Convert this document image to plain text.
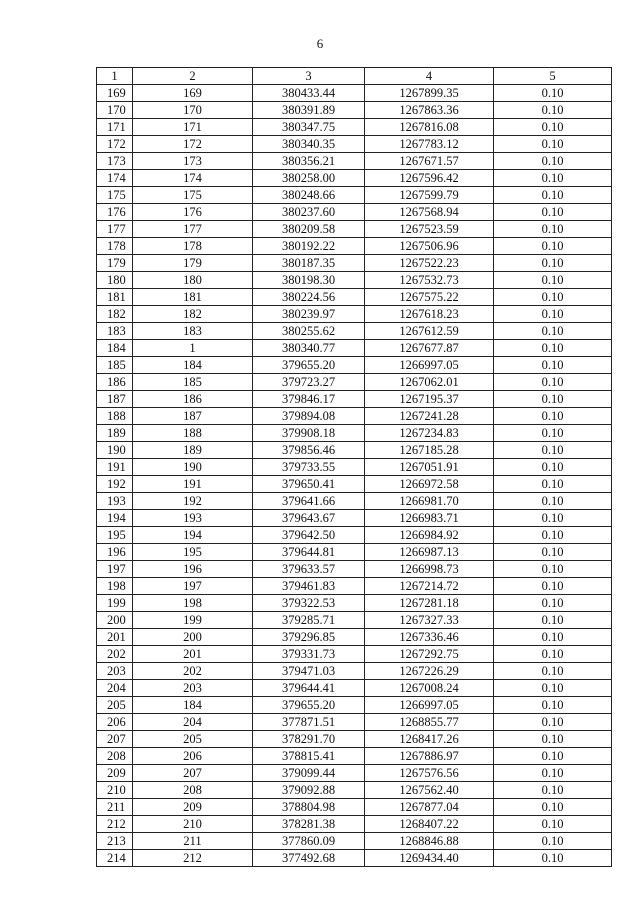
6
1	2	3	4	5
169	169	380433.44	1267899.35	0.10
170	170	380391.89	1267863.36	0.10
171	171	380347.75	1267816.08	0.10
172	172	380340.35	1267783.12	0.10
173	173	380356.21	1267671.57	0.10
174	174	380258.00	1267596.42	0.10
175	175	380248.66	1267599.79	0.10
176	176	380237.60	1267568.94	0.10
177	177	380209.58	1267523.59	0.10
178	178	380192.22	1267506.96	0.10
179	179	380187.35	1267522.23	0.10
180	180	380198.30	1267532.73	0.10
181	181	380224.56	1267575.22	0.10
182	182	380239.97	1267618.23	0.10
183	183	380255.62	1267612.59	0.10
184	1	380340.77	1267677.87	0.10
185	184	379655.20	1266997.05	0.10
186	185	379723.27	1267062.01	0.10
187	186	379846.17	1267195.37	0.10
188	187	379894.08	1267241.28	0.10
189	188	379908.18	1267234.83	0.10
190	189	379856.46	1267185.28	0.10
191	190	379733.55	1267051.91	0.10
192	191	379650.41	1266972.58	0.10
193	192	379641.66	1266981.70	0.10
194	193	379643.67	1266983.71	0.10
195	194	379642.50	1266984.92	0.10
196	195	379644.81	1266987.13	0.10
197	196	379633.57	1266998.73	0.10
198	197	379461.83	1267214.72	0.10
199	198	379322.53	1267281.18	0.10
200	199	379285.71	1267327.33	0.10
201	200	379296.85	1267336.46	0.10
202	201	379331.73	1267292.75	0.10
203	202	379471.03	1267226.29	0.10
204	203	379644.41	1267008.24	0.10
205	184	379655.20	1266997.05	0.10
206	204	377871.51	1268855.77	0.10
207	205	378291.70	1268417.26	0.10
208	206	378815.41	1267886.97	0.10
209	207	379099.44	1267576.56	0.10
210	208	379092.88	1267562.40	0.10
211	209	378804.98	1267877.04	0.10
212	210	378281.38	1268407.22	0.10
213	211	377860.09	1268846.88	0.10
214	212	377492.68	1269434.40	0.10
